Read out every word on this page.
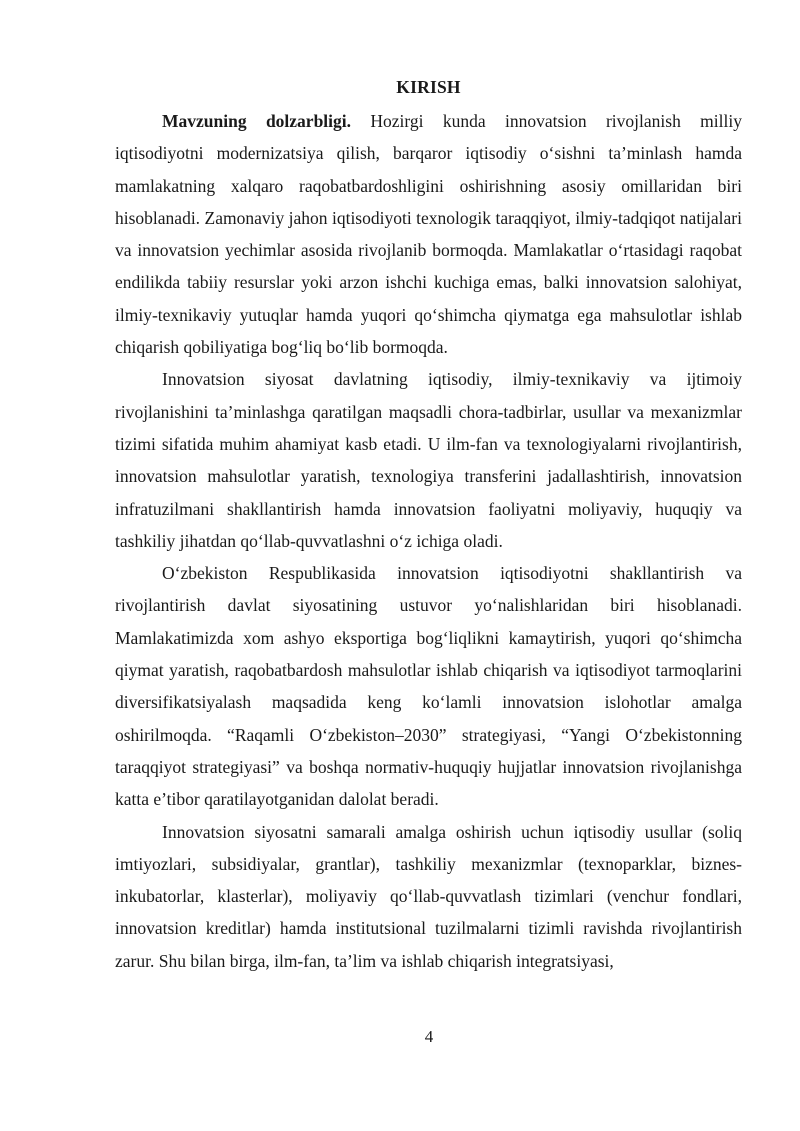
KIRISH

Mavzuning dolzarbligi. Hozirgi kunda innovatsion rivojlanish milliy iqtisodiyotni modernizatsiya qilish, barqaror iqtisodiy o‘sishni ta’minlash hamda mamlakatning xalqaro raqobatbardoshligini oshirishning asosiy omillaridan biri hisoblanadi. Zamonaviy jahon iqtisodiyoti texnologik taraqqiyot, ilmiy-tadqiqot natijalari va innovatsion yechimlar asosida rivojlanib bormoqda. Mamlakatlar o‘rtasidagi raqobat endilikda tabiiy resurslar yoki arzon ishchi kuchiga emas, balki innovatsion salohiyat, ilmiy-texnikaviy yutuqlar hamda yuqori qo‘shimcha qiymatga ega mahsulotlar ishlab chiqarish qobiliyatiga bog‘liq bo‘lib bormoqda.

Innovatsion siyosat davlatning iqtisodiy, ilmiy-texnikaviy va ijtimoiy rivojlanishini ta’minlashga qaratilgan maqsadli chora-tadbirlar, usullar va mexanizmlar tizimi sifatida muhim ahamiyat kasb etadi. U ilm-fan va texnologiyalarni rivojlantirish, innovatsion mahsulotlar yaratish, texnologiya transferini jadallashtirish, innovatsion infratuzilmani shakllantirish hamda innovatsion faoliyatni moliyaviy, huquqiy va tashkiliy jihatdan qo‘llab-quvvatlashni o‘z ichiga oladi.

O‘zbekiston Respublikasida innovatsion iqtisodiyotni shakllantirish va rivojlantirish davlat siyosatining ustuvor yo‘nalishlaridan biri hisoblanadi. Mamlakatimizda xom ashyo eksportiga bog‘liqlikni kamaytirish, yuqori qo‘shimcha qiymat yaratish, raqobatbardosh mahsulotlar ishlab chiqarish va iqtisodiyot tarmoqlarini diversifikatsiyalash maqsadida keng ko‘lamli innovatsion islohotlar amalga oshirilmoqda. “Raqamli O‘zbekiston–2030” strategiyasi, “Yangi O‘zbekistonning taraqqiyot strategiyasi” va boshqa normativ-huquqiy hujjatlar innovatsion rivojlanishga katta e’tibor qaratilayotganidan dalolat beradi.

Innovatsion siyosatni samarali amalga oshirish uchun iqtisodiy usullar (soliq imtiyozlari, subsidiyalar, grantlar), tashkiliy mexanizmlar (texnoparklar, biznes-inkubatorlar, klasterlar), moliyaviy qo‘llab-quvvatlash tizimlari (venchur fondlari, innovatsion kreditlar) hamda institutsional tuzilmalarni tizimli ravishda rivojlantirish zarur. Shu bilan birga, ilm-fan, ta’lim va ishlab chiqarish integratsiyasi,

4
